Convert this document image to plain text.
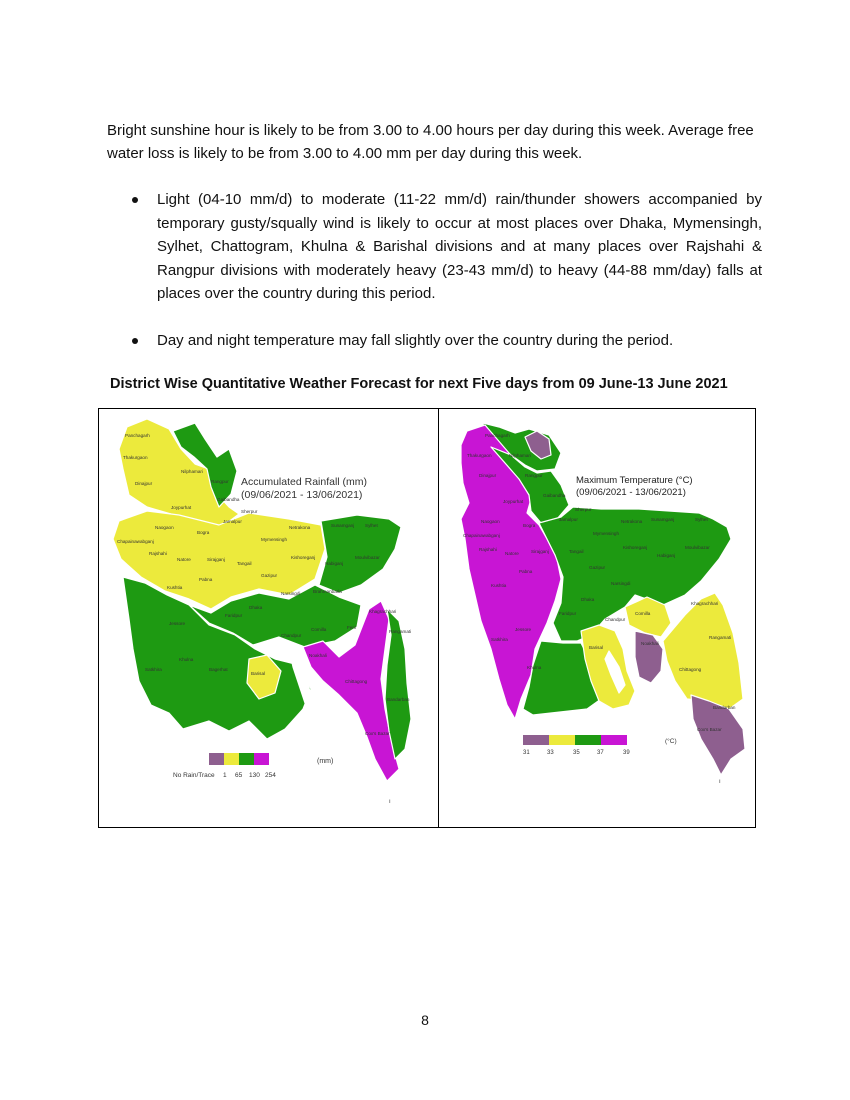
Bright sunshine hour is likely to be from 3.00 to 4.00 hours per day during this week. Average free water loss is likely to be from 3.00 to 4.00 mm per day during this week.
Light (04-10 mm/d) to moderate (11-22 mm/d) rain/thunder showers accompanied by temporary gusty/squally wind is likely to occur at most places over Dhaka, Mymensingh, Sylhet, Chattogram, Khulna & Barishal divisions and at many places over Rajshahi & Rangpur divisions with moderately heavy (23-43 mm/d) to heavy (44-88 mm/day) falls at places over the country during this period.
Day and night temperature may fall slightly over the country during the period.
District Wise Quantitative Weather Forecast for next Five days from 09 June-13 June 2021
Panchagarh
Thakurgaon
Dinajpur
Nilphamari
Rangpur
Gaibandha
Joypurhat
Naogaon
Bogra
Chapainawabganj
Rajshahi
Natore	Sirajganj
Pabna
Kushtia
Jamalpur
Sherpur
Mymensingh
Netrakona	Sunamganj Sylhet
Moulvibazar
Habiganj
Kishoreganj
Tangail
Gazipur
Narsingdi	Brahmanbaria
Dhaka
Faridpur
Jessore
Khulna
Satkhira	Bagerhat
Barisal
Comilla
Chandpur
Noakhali
Feni
Chittagong
Rangamati
Khagrachhari
Bandarban
Cox's Bazar
Accumulated Rainfall (mm)
(09/06/2021 - 13/06/2021)
No Rain/Trace 1 65 130 254
(mm)
ı
Panchagarh
Thakurgaon
Dinajpur
Nilphamari
Rangpur
Gaibandha
Joypurhat
Naogaon
Bogra
Chapainawabganj
Rajshahi
Natore	Sirajganj
Pabna
Kushtia
Jamalpur
Sherpur
Mymensingh
Netrakona Sunamganj	Sylhet
Moulvibazar
Habiganj
Kishoreganj
Tangail
Gazipur
Narsingdi
Dhaka
Faridpur
Jessore
Khulna
Satkhira
Barisal
Comilla
Chandpur
Noakhali
Khagrachhari
Rangamati
Chittagong
Bandarban
Cox's Bazar
Maximum Temperature (°C)
(09/06/2021 - 13/06/2021)
31	33	35	37	39
(°C)
ı
8
